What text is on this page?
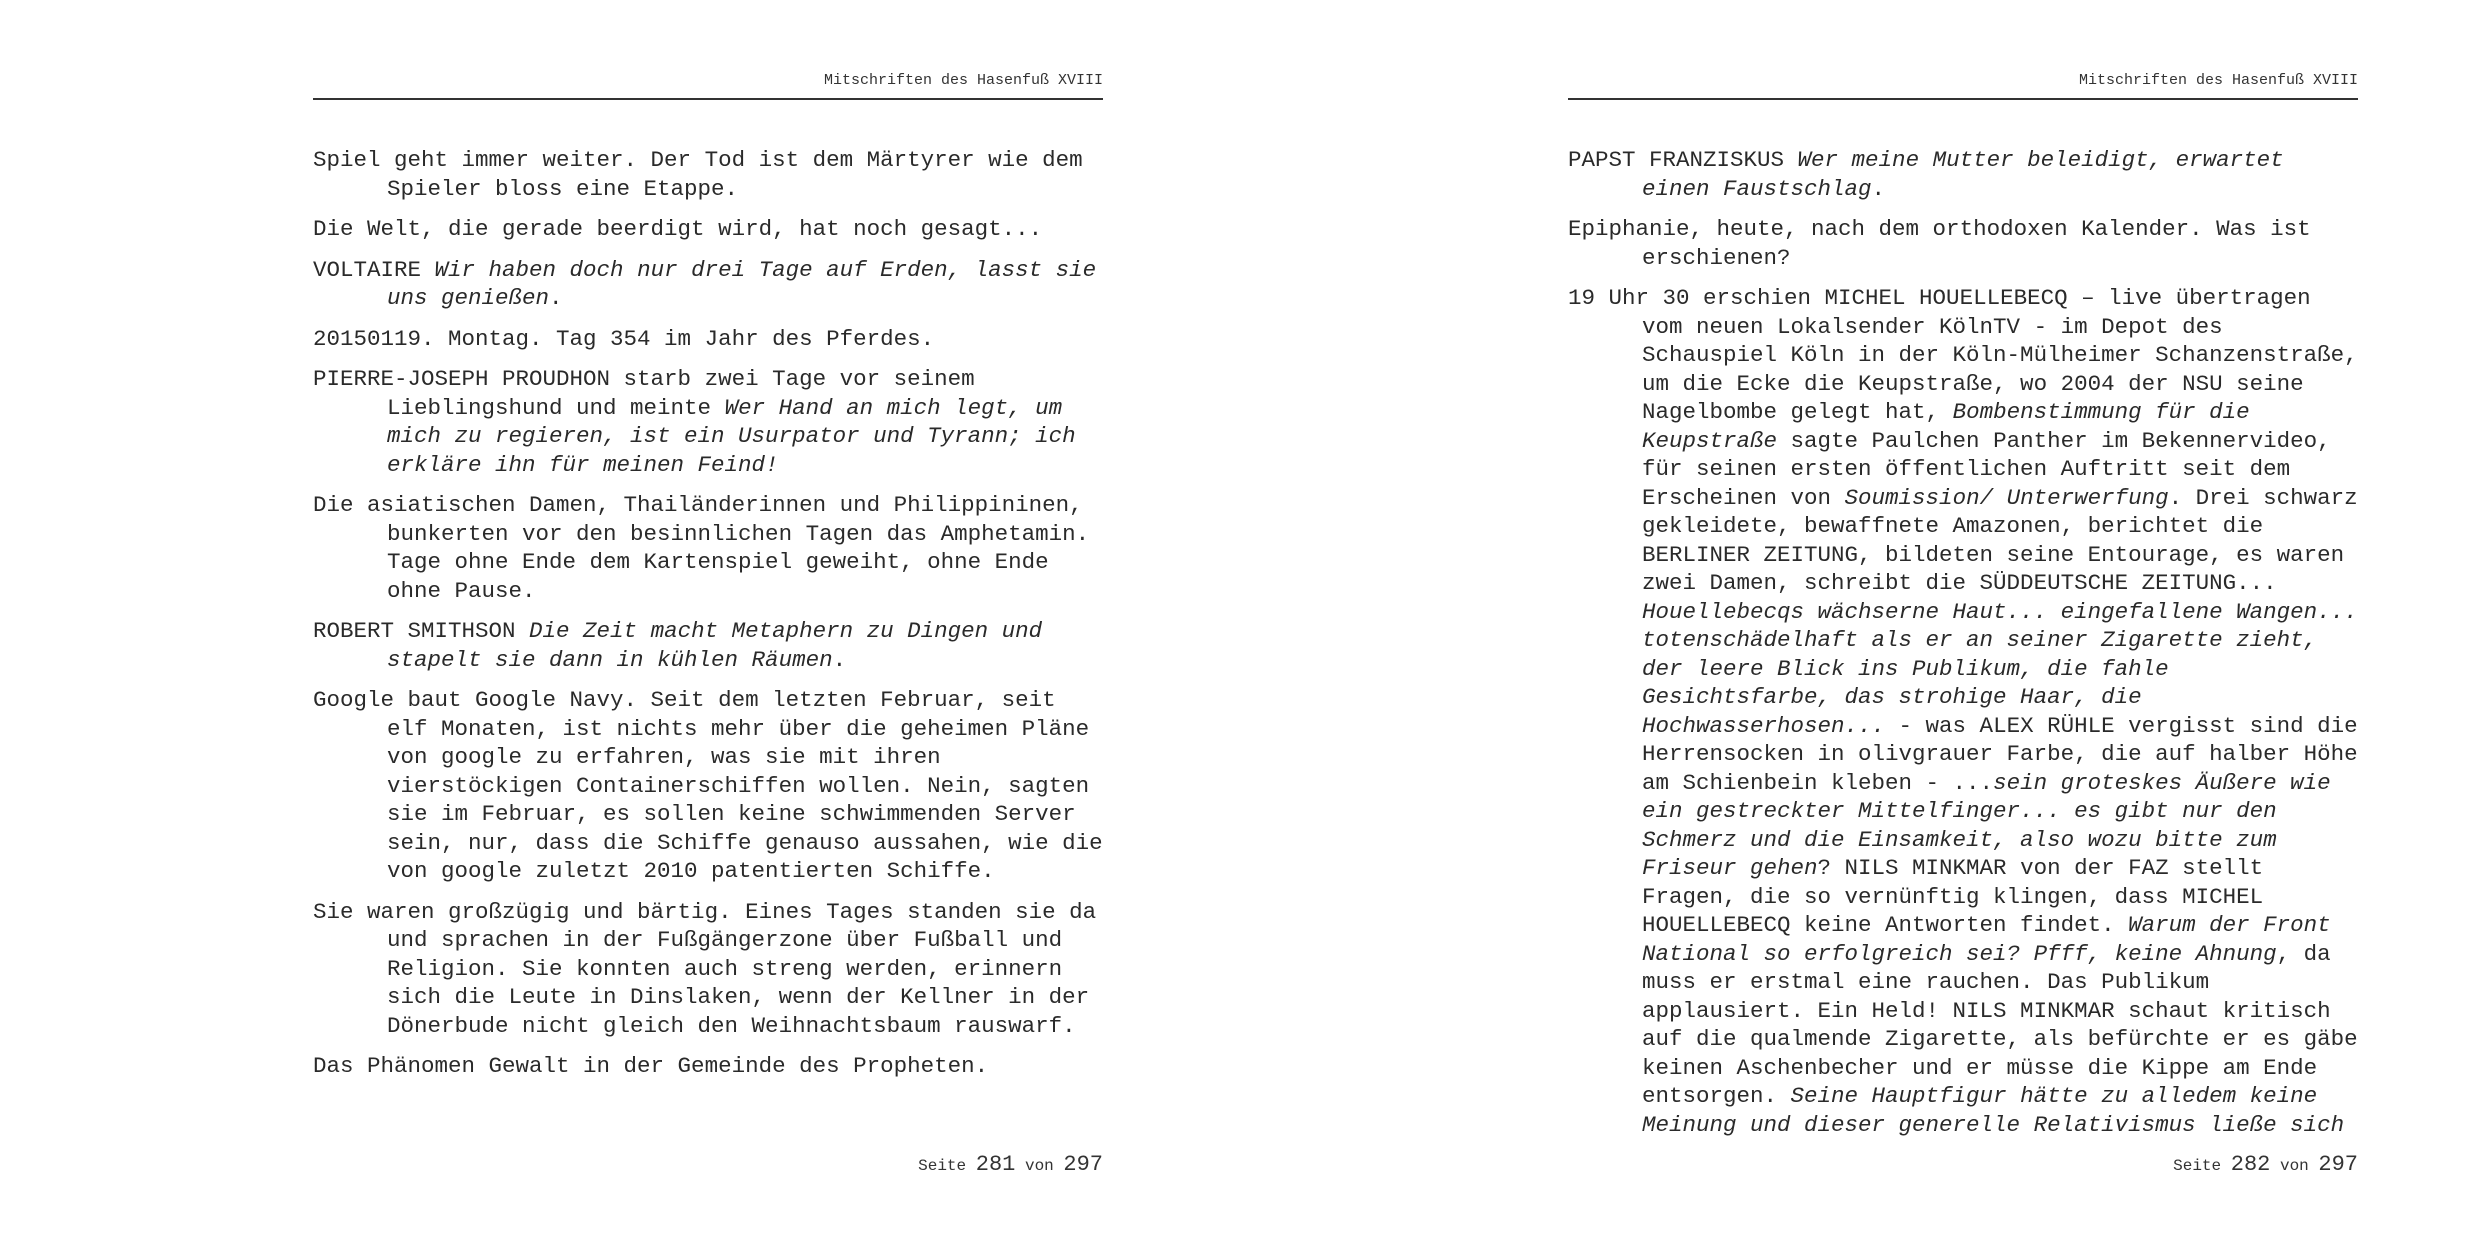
Mitschriften des Hasenfuß XVIII

Spiel geht immer weiter. Der Tod ist dem Märtyrer wie dem Spieler bloss eine Etappe.

Die Welt, die gerade beerdigt wird, hat noch gesagt...

VOLTAIRE Wir haben doch nur drei Tage auf Erden, lasst sie uns genießen.

20150119. Montag. Tag 354 im Jahr des Pferdes.

PIERRE-JOSEPH PROUDHON starb zwei Tage vor seinem Lieblingshund und meinte Wer Hand an mich legt, um mich zu regieren, ist ein Usurpator und Tyrann; ich erkläre ihn für meinen Feind!

Die asiatischen Damen, Thailänderinnen und Philippininen, bunkerten vor den besinnlichen Tagen das Amphetamin. Tage ohne Ende dem Kartenspiel geweiht, ohne Ende ohne Pause.

ROBERT SMITHSON Die Zeit macht Metaphern zu Dingen und stapelt sie dann in kühlen Räumen.

Google baut Google Navy. Seit dem letzten Februar, seit elf Monaten, ist nichts mehr über die geheimen Pläne von google zu erfahren, was sie mit ihren vierstöckigen Containerschiffen wollen. Nein, sagten sie im Februar, es sollen keine schwimmenden Server sein, nur, dass die Schiffe genauso aussahen, wie die von google zuletzt 2010 patentierten Schiffe.

Sie waren großzügig und bärtig. Eines Tages standen sie da und sprachen in der Fußgängerzone über Fußball und Religion. Sie konnten auch streng werden, erinnern sich die Leute in Dinslaken, wenn der Kellner in der Dönerbude nicht gleich den Weihnachtsbaum rauswarf.

Das Phänomen Gewalt in der Gemeinde des Propheten.

Seite 281 von 297
Mitschriften des Hasenfuß XVIII

PAPST FRANZISKUS Wer meine Mutter beleidigt, erwartet einen Faustschlag.

Epiphanie, heute, nach dem orthodoxen Kalender. Was ist erschienen?

19 Uhr 30 erschien MICHEL HOUELLEBECQ – live übertragen vom neuen Lokalsender KölnTV - im Depot des Schauspiel Köln in der Köln-Mülheimer Schanzenstraße, um die Ecke die Keupstraße, wo 2004 der NSU seine Nagelbombe gelegt hat, Bombenstimmung für die Keupstraße sagte Paulchen Panther im Bekennervideo, für seinen ersten öffentlichen Auftritt seit dem Erscheinen von Soumission/ Unterwerfung. Drei schwarz gekleidete, bewaffnete Amazonen, berichtet die BERLINER ZEITUNG, bildeten seine Entourage, es waren zwei Damen, schreibt die SÜDDEUTSCHE ZEITUNG... Houellebecqs wächserne Haut... eingefallene Wangen... totenschädelhaft als er an seiner Zigarette zieht, der leere Blick ins Publikum, die fahle Gesichtsfarbe, das strohige Haar, die Hochwasserhosen... - was ALEX RÜHLE vergisst sind die Herrensocken in olivgrauer Farbe, die auf halber Höhe am Schienbein kleben - ...sein groteskes Äußere wie ein gestreckter Mittelfinger... es gibt nur den Schmerz und die Einsamkeit, also wozu bitte zum Friseur gehen? NILS MINKMAR von der FAZ stellt Fragen, die so vernünftig klingen, dass MICHEL HOUELLEBECQ keine Antworten findet. Warum der Front National so erfolgreich sei? Pfff, keine Ahnung, da muss er erstmal eine rauchen. Das Publikum applausiert. Ein Held! NILS MINKMAR schaut kritisch auf die qualmende Zigarette, als befürchte er es gäbe keinen Aschenbecher und er müsse die Kippe am Ende entsorgen. Seine Hauptfigur hätte zu alledem keine Meinung und dieser generelle Relativismus ließe sich

Seite 282 von 297
